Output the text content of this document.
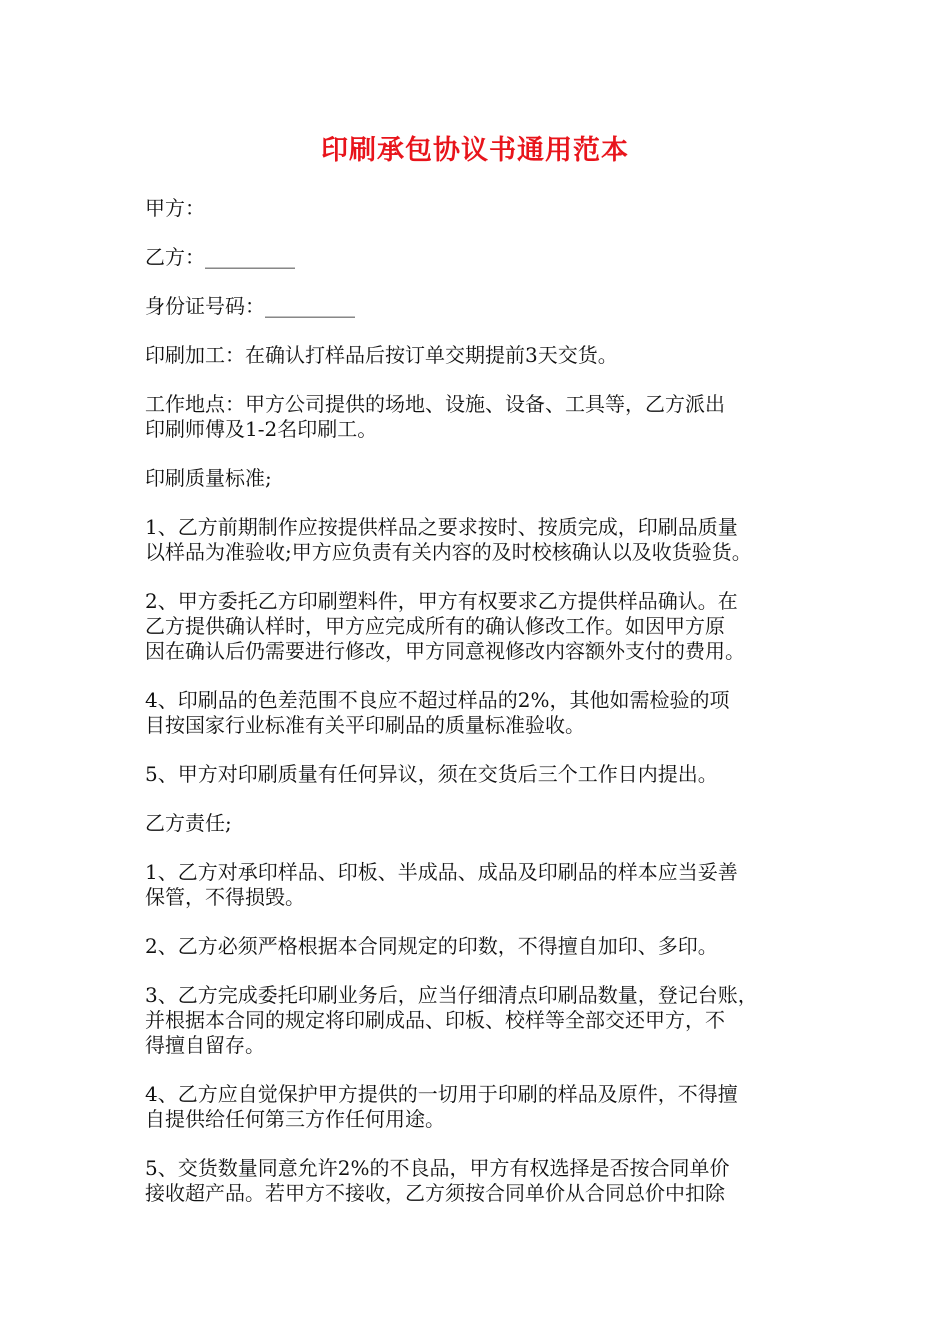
印刷承包协议书通用范本

甲方：

乙方：_________

身份证号码：_________

印刷加工：在确认打样品后按订单交期提前3天交货。

工作地点：甲方公司提供的场地、设施、设备、工具等，乙方派出
印刷师傅及1-2名印刷工。

印刷质量标准;

1、乙方前期制作应按提供样品之要求按时、按质完成，印刷品质量
以样品为准验收;甲方应负责有关内容的及时校核确认以及收货验货。

2、甲方委托乙方印刷塑料件，甲方有权要求乙方提供样品确认。在
乙方提供确认样时，甲方应完成所有的确认修改工作。如因甲方原
因在确认后仍需要进行修改，甲方同意视修改内容额外支付的费用。

4、印刷品的色差范围不良应不超过样品的2%，其他如需检验的项
目按国家行业标准有关平印刷品的质量标准验收。

5、甲方对印刷质量有任何异议，须在交货后三个工作日内提出。

乙方责任;

1、乙方对承印样品、印板、半成品、成品及印刷品的样本应当妥善
保管，不得损毁。

2、乙方必须严格根据本合同规定的印数，不得擅自加印、多印。

3、乙方完成委托印刷业务后，应当仔细清点印刷品数量，登记台账，
并根据本合同的规定将印刷成品、印板、校样等全部交还甲方，不
得擅自留存。

4、乙方应自觉保护甲方提供的一切用于印刷的样品及原件，不得擅
自提供给任何第三方作任何用途。

5、交货数量同意允许2%的不良品，甲方有权选择是否按合同单价
接收超产品。若甲方不接收，乙方须按合同单价从合同总价中扣除
